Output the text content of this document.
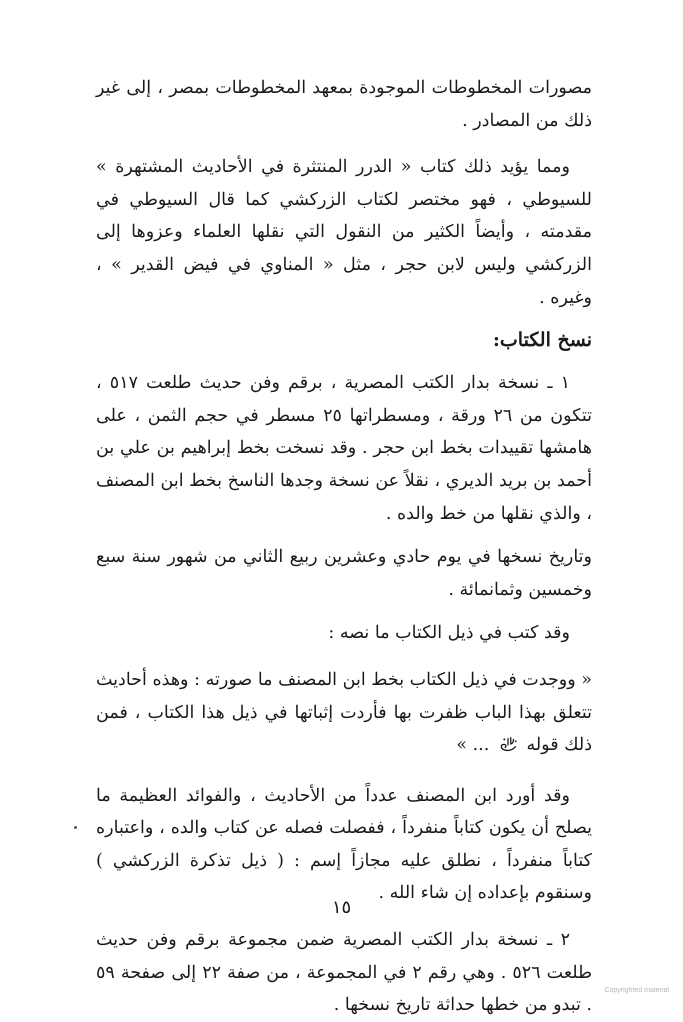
مصورات المخطوطات الموجودة بمعهد المخطوطات بمصر ، إلى غير ذلك من المصادر .

ومما يؤيد ذلك كتاب « الدرر المنتثرة في الأحاديث المشتهرة » للسيوطي ، فهو مختصر لكتاب الزركشي كما قال السيوطي في مقدمته ، وأيضاً الكثير من النقول التي نقلها العلماء وعزوها إلى الزركشي وليس لابن حجر ، مثل « المناوي في فيض القدير » ، وغيره .

نسخ الكتاب:

١ ـ نسخة بدار الكتب المصرية ، برقم وفن حديث طلعت ٥١٧ ، تتكون من ٢٦ ورقة ، ومسطراتها ٢٥ مسطر في حجم الثمن ، على هامشها تقييدات بخط ابن حجر . وقد نسخت بخط إبراهيم بن علي بن أحمد بن بريد الديري ، نقلاً عن نسخة وجدها الناسخ بخط ابن المصنف ، والذي نقلها من خط والده .

وتاريخ نسخها في يوم حادي وعشرين ربيع الثاني من شهور سنة سبع وخمسين وثمانمائة .

وقد كتب في ذيل الكتاب ما نصه :

« ووجدت في ذيل الكتاب بخط ابن المصنف ما صورته : وهذه أحاديث تتعلق بهذا الباب ظفرت بها فأردت إثباتها في ذيل هذا الكتاب ، فمن ذلك قوله  ... »

وقد أورد ابن المصنف عدداً من الأحاديث ، والفوائد العظيمة ما يصلح أن يكون كتاباً منفرداً ، ففصلت فصله عن كتاب والده ، واعتباره كتاباً منفرداً ، نطلق عليه مجازاً إسم : ( ذيل تذكرة الزركشي ) وسنقوم بإعداده إن شاء الله .

٢ ـ نسخة بدار الكتب المصرية ضمن مجموعة برقم وفن حديث طلعت ٥٢٦ . وهي رقم ٢ في المجموعة ، من صفة ٢٢ إلى صفحة ٥٩ . تبدو من خطها حداثة تاريخ نسخها .

١٥
Copyrighted material
